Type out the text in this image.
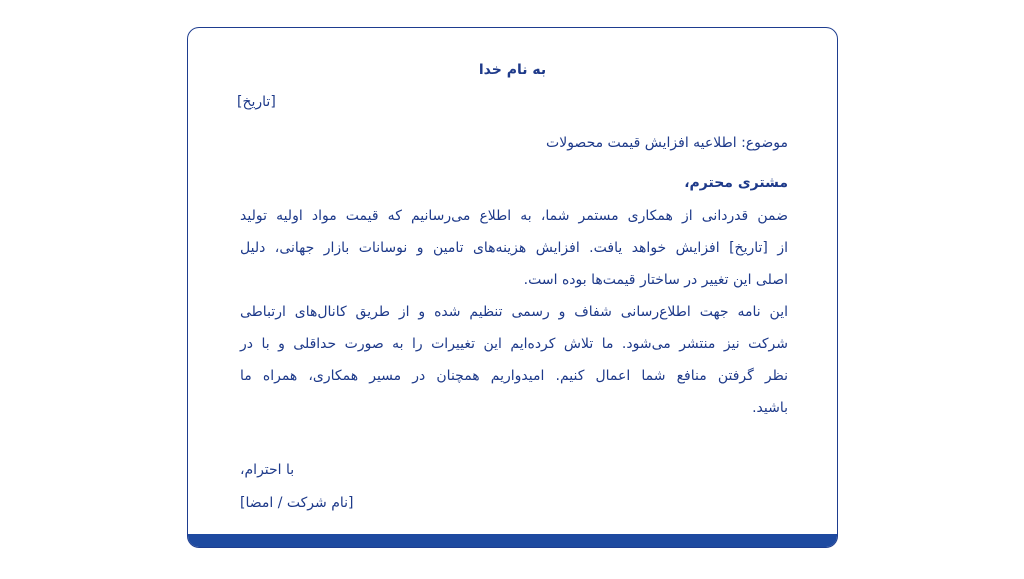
به نام خدا
[تاریخ]
موضوع: اطلاعیه افزایش قیمت محصولات
مشتری محترم،
ضمن قدردانی از همکاری مستمر شما، به اطلاع می‌رسانیم که قیمت مواد اولیه تولید
از [تاریخ] افزایش خواهد یافت. افزایش هزینه‌های تامین و نوسانات بازار جهانی، دلیل
اصلی این تغییر در ساختار قیمت‌ها بوده است.
این نامه جهت اطلاع‌رسانی شفاف و رسمی تنظیم شده و از طریق کانال‌های ارتباطی
شرکت نیز منتشر می‌شود. ما تلاش کرده‌ایم این تغییرات را به صورت حداقلی و با در
نظر گرفتن منافع شما اعمال کنیم. امیدواریم همچنان در مسیر همکاری، همراه ما
باشید.
با احترام،
[نام شرکت / امضا]
